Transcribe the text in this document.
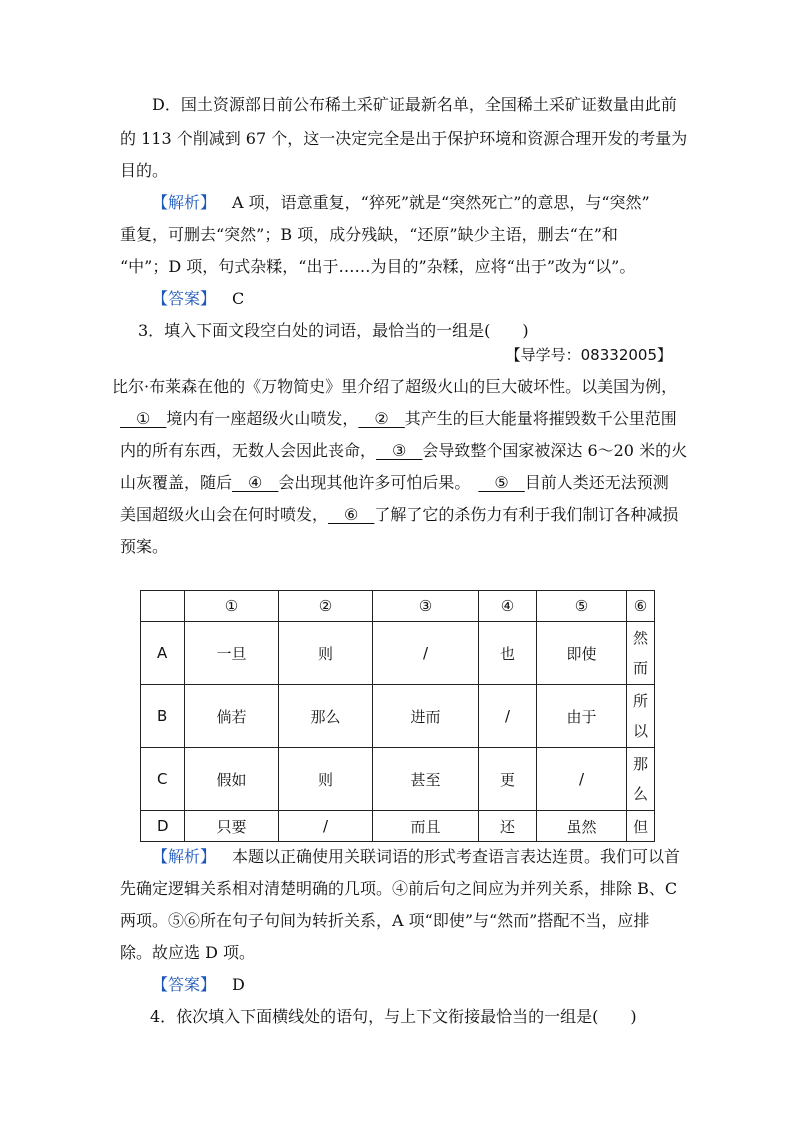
D．国土资源部日前公布稀土采矿证最新名单，全国稀土采矿证数量由此前
的 113 个削减到 67 个，这一决定完全是出于保护环境和资源合理开发的考量为
目的。
【解析】 A 项，语意重复，“猝死”就是“突然死亡”的意思，与“突然”
重复，可删去“突然”；B 项，成分残缺，“还原”缺少主语，删去“在”和
“中”；D 项，句式杂糅，“出于……为目的”杂糅，应将“出于”改为“以”。
【答案】 C
3．填入下面文段空白处的词语，最恰当的一组是(　　)
【导学号：08332005】
比尔·布莱森在他的《万物简史》里介绍了超级火山的巨大破坏性。以美国为例，
__①__境内有一座超级火山喷发，__②__其产生的巨大能量将摧毁数千公里范围
内的所有东西，无数人会因此丧命，__③__会导致整个国家被深达 6～20 米的火
山灰覆盖，随后__④__会出现其他许多可怕后果。　__⑤__目前人类还无法预测
美国超级火山会在何时喷发，__⑥__了解了它的杀伤力有利于我们制订各种减损
预案。
	①	②	③	④	⑤	⑥
A	一旦	则	/	也	即使	然而
B	倘若	那么	进而	/	由于	所以
C	假如	则	甚至	更	/	那么
D	只要	/	而且	还	虽然	但
【解析】 本题以正确使用关联词语的形式考查语言表达连贯。我们可以首
先确定逻辑关系相对清楚明确的几项。④前后句之间应为并列关系，排除 B、C
两项。⑤⑥所在句子句间为转折关系，A 项“即使”与“然而”搭配不当，应排
除。故应选 D 项。
【答案】 D
4．依次填入下面横线处的语句，与上下文衔接最恰当的一组是(　　)
